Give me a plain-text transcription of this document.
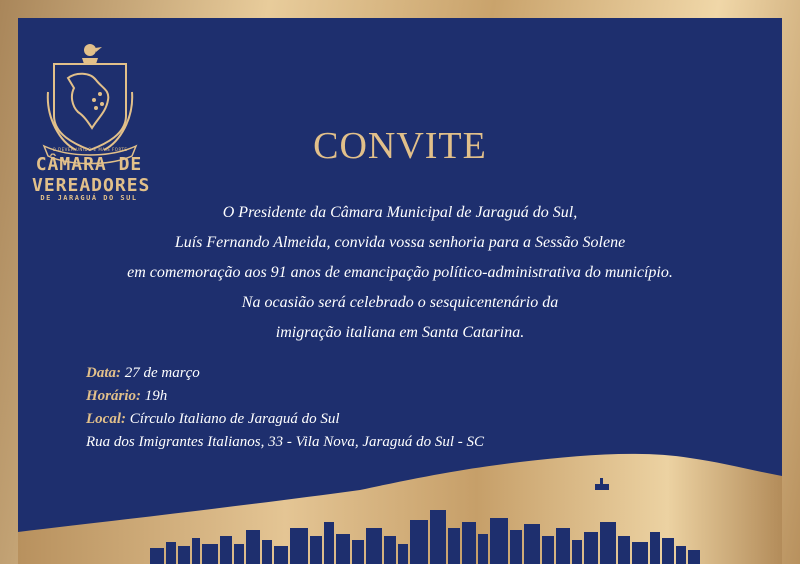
CÂMARA DE
VEREADORES
DE JARAGUÁ DO SUL
O DEVER UNIDO É MAIS FORTE	CONVITE
O Presidente da Câmara Municipal de Jaraguá do Sul,
Luís Fernando Almeida, convida vossa senhoria para a Sessão Solene
em comemoração aos 91 anos de emancipação político-administrativa do município.
Na ocasião será celebrado o sesquicentenário da
imigração italiana em Santa Catarina.
Data: 27 de março
Horário: 19h
Local: Círculo Italiano de Jaraguá do Sul
Rua dos Imigrantes Italianos, 33 - Vila Nova, Jaraguá do Sul - SC
